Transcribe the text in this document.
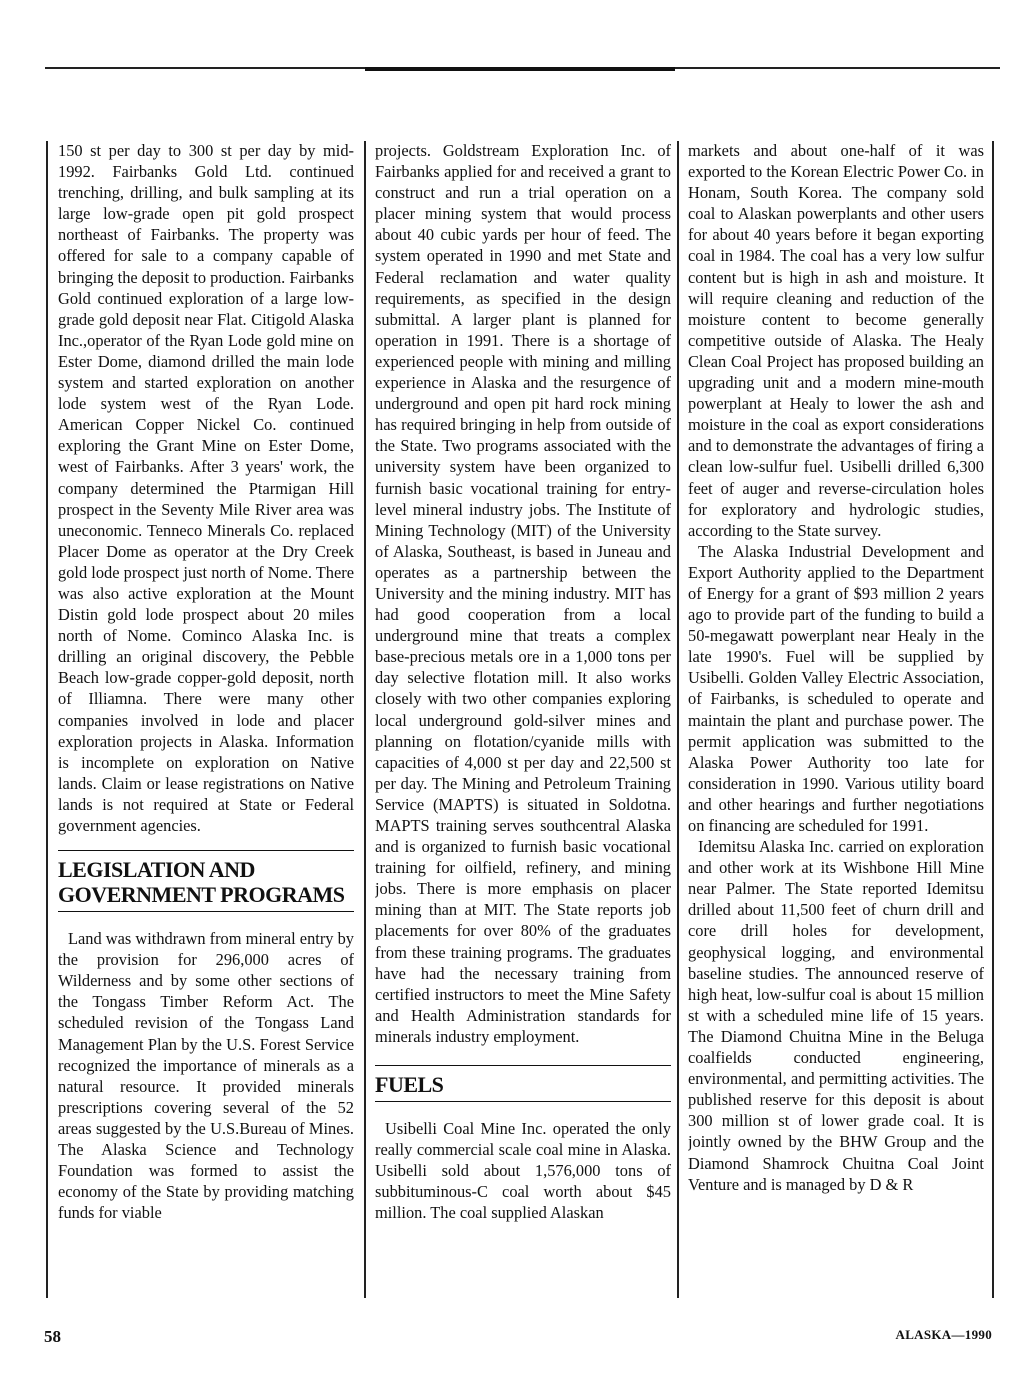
150 st per day to 300 st per day by mid-1992. Fairbanks Gold Ltd. continued trenching, drilling, and bulk sampling at its large low-grade open pit gold prospect northeast of Fairbanks. The property was offered for sale to a company capable of bringing the deposit to production. Fairbanks Gold continued exploration of a large low-grade gold deposit near Flat. Citigold Alaska Inc.,operator of the Ryan Lode gold mine on Ester Dome, diamond drilled the main lode system and started exploration on another lode system west of the Ryan Lode. American Copper Nickel Co. continued exploring the Grant Mine on Ester Dome, west of Fairbanks. After 3 years' work, the company determined the Ptarmigan Hill prospect in the Seventy Mile River area was uneconomic. Tenneco Minerals Co. replaced Placer Dome as operator at the Dry Creek gold lode prospect just north of Nome. There was also active exploration at the Mount Distin gold lode prospect about 20 miles north of Nome. Cominco Alaska Inc. is drilling an original discovery, the Pebble Beach low-grade copper-gold deposit, north of Illiamna. There were many other companies involved in lode and placer exploration projects in Alaska. Information is incomplete on exploration on Native lands. Claim or lease registrations on Native lands is not required at State or Federal government agencies.

LEGISLATION AND
GOVERNMENT PROGRAMS

Land was withdrawn from mineral entry by the provision for 296,000 acres of Wilderness and by some other sections of the Tongass Timber Reform Act. The scheduled revision of the Tongass Land Management Plan by the U.S. Forest Service recognized the importance of minerals as a natural resource. It provided minerals prescriptions covering several of the 52 areas suggested by the U.S.Bureau of Mines. The Alaska Science and Technology Foundation was formed to assist the economy of the State by providing matching funds for viable

projects. Goldstream Exploration Inc. of Fairbanks applied for and received a grant to construct and run a trial operation on a placer mining system that would process about 40 cubic yards per hour of feed. The system operated in 1990 and met State and Federal reclamation and water quality requirements, as specified in the design submittal. A larger plant is planned for operation in 1991. There is a shortage of experienced people with mining and milling experience in Alaska and the resurgence of underground and open pit hard rock mining has required bringing in help from outside of the State. Two programs associated with the university system have been organized to furnish basic vocational training for entry-level mineral industry jobs. The Institute of Mining Technology (MIT) of the University of Alaska, Southeast, is based in Juneau and operates as a partnership between the University and the mining industry. MIT has had good cooperation from a local underground mine that treats a complex base-precious metals ore in a 1,000 tons per day selective flotation mill. It also works closely with two other companies exploring local underground gold-silver mines and planning on flotation/cyanide mills with capacities of 4,000 st per day and 22,500 st per day. The Mining and Petroleum Training Service (MAPTS) is situated in Soldotna. MAPTS training serves southcentral Alaska and is organized to furnish basic vocational training for oilfield, refinery, and mining jobs. There is more emphasis on placer mining than at MIT. The State reports job placements for over 80% of the graduates from these training programs. The graduates have had the necessary training from certified instructors to meet the Mine Safety and Health Administration standards for minerals industry employment.

FUELS

Usibelli Coal Mine Inc. operated the only really commercial scale coal mine in Alaska. Usibelli sold about 1,576,000 tons of subbituminous-C coal worth about $45 million. The coal supplied Alaskan

markets and about one-half of it was exported to the Korean Electric Power Co. in Honam, South Korea. The company sold coal to Alaskan powerplants and other users for about 40 years before it began exporting coal in 1984. The coal has a very low sulfur content but is high in ash and moisture. It will require cleaning and reduction of the moisture content to become generally competitive outside of Alaska. The Healy Clean Coal Project has proposed building an upgrading unit and a modern mine-mouth powerplant at Healy to lower the ash and moisture in the coal as export considerations and to demonstrate the advantages of firing a clean low-sulfur fuel. Usibelli drilled 6,300 feet of auger and reverse-circulation holes for exploratory and hydrologic studies, according to the State survey.

The Alaska Industrial Development and Export Authority applied to the Department of Energy for a grant of $93 million 2 years ago to provide part of the funding to build a 50-megawatt powerplant near Healy in the late 1990's. Fuel will be supplied by Usibelli. Golden Valley Electric Association, of Fairbanks, is scheduled to operate and maintain the plant and purchase power. The permit application was submitted to the Alaska Power Authority too late for consideration in 1990. Various utility board and other hearings and further negotiations on financing are scheduled for 1991.

Idemitsu Alaska Inc. carried on exploration and other work at its Wishbone Hill Mine near Palmer. The State reported Idemitsu drilled about 11,500 feet of churn drill and core drill holes for development, geophysical logging, and environmental baseline studies. The announced reserve of high heat, low-sulfur coal is about 15 million st with a scheduled mine life of 15 years. The Diamond Chuitna Mine in the Beluga coalfields conducted engineering, environmental, and permitting activities. The published reserve for this deposit is about 300 million st of lower grade coal. It is jointly owned by the BHW Group and the Diamond Shamrock Chuitna Coal Joint Venture and is managed by D & R

58	ALASKA—1990
